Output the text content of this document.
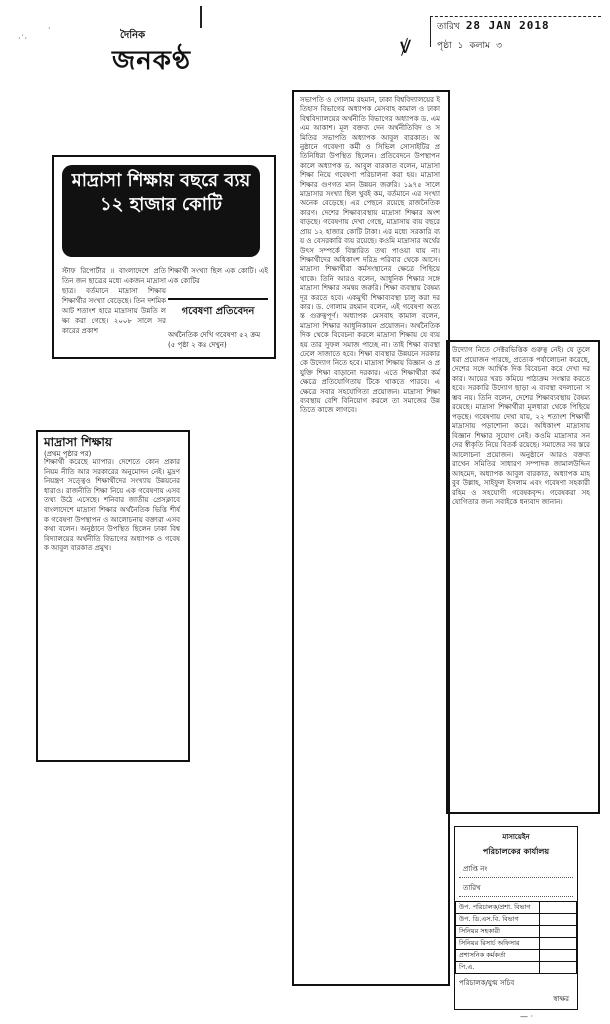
·˙·
·
দৈনিক
জনকণ্ঠ	ꝟ
তারিখ 28 JAN 2018
পৃষ্ঠা ১ কলাম ৩
মাদ্রাসা শিক্ষায় বছরে ব্যয় ১২ হাজার কোটি
স্টাফ রিপোর্টার ॥ বাংলাদেশে প্রতি তিন জন ছাত্রের মধ্যে একজন মাদ্রাসা ছাত্র। বর্তমানে মাদ্রাসা শিক্ষায় শিক্ষার্থীর সংখ্যা বেড়েছে। তিন দশমিক আট শতাংশ হারে মাদ্রাসায় উন্নতি লক্ষ্য করা গেছে। ২০০৮ সালে সরকারের প্রকাশ
শিক্ষার্থী সংখ্যা ছিল এক কোটি। এই এক কোটির
গবেষণা প্রতিবেদন
অর্থনৈতিক দেখি গবেষণা ৫২ ক্রম (৫ পৃষ্ঠা ২ কঃ দেখুন)
মাদ্রাসা শিক্ষায়
(প্রথম পৃষ্ঠার পর)
শিক্ষার্থী করেছে ম্যাপার। দেশেতে কোন প্রকার নিয়ম নীতি আর সরকারের অনুমোদন নেই। মুদ্রণ নিয়ন্ত্রণ সত্ত্বেও শিক্ষার্থীদের সংখ্যায় উন্নয়নের ধারাও। রাজনীতি শিক্ষা নিয়ে এক গবেষণায় এসব তথ্য উঠে এসেছে। শনিবার জাতীয় প্রেসক্লাবে বাংলাদেশে মাদ্রাসা শিক্ষার অর্থনৈতিক ভিত্তি শীর্ষক গবেষণা উপস্থাপন ও আলোচনায় বক্তারা এসব কথা বলেন। অনুষ্ঠানে উপস্থিত ছিলেন ঢাকা বিশ্ববিদ্যালয়ের অর্থনীতি বিভাগের অধ্যাপক ও গবেষক আবুল বারকাত প্রমুখ।
সভাপতি ও গোলাম রহমান, ঢাকা বিশ্ববিদ্যালয়ের ইতিহাস বিভাগের অধ্যাপক মেসবাহ কামাল ও ঢাকা বিশ্ববিদ্যালয়ের অর্থনীতি বিভাগের অধ্যাপক ড. এম এম আকাশ। মূল বক্তব্য দেন অর্থনীতিবিদ ও সমিতির সভাপতি অধ্যাপক আবুল বারকাত। অনুষ্ঠানে গবেষণা কর্মী ও সিভিল সোসাইটির প্রতিনিধিরা উপস্থিত ছিলেন। প্রতিবেদনে উপস্থাপনকালে অধ্যাপক ড. আবুল বারকাত বলেন, মাদ্রাসা শিক্ষা নিয়ে গবেষণা পরিচালনা করা হয়। মাদ্রাসা শিক্ষার গুণগত মান উন্নয়ন জরুরি। ১৯৭৫ সালে মাদ্রাসার সংখ্যা ছিল খুবই কম, বর্তমানে এর সংখ্যা অনেক বেড়েছে। এর পেছনে রয়েছে রাজনৈতিক কারণ। দেশের শিক্ষাব্যবস্থায় মাদ্রাসা শিক্ষার অংশ বাড়ছে। গবেষণায় দেখা গেছে, মাদ্রাসায় ব্যয় বছরে প্রায় ১২ হাজার কোটি টাকা। এর মধ্যে সরকারি ব্যয় ও বেসরকারি ব্যয় রয়েছে। কওমি মাদ্রাসার অর্থের উৎস সম্পর্কে বিস্তারিত তথ্য পাওয়া যায় না। শিক্ষার্থীদের অধিকাংশ দরিদ্র পরিবার থেকে আসে। মাদ্রাসা শিক্ষার্থীরা কর্মসংস্থানের ক্ষেত্রে পিছিয়ে থাকে। তিনি আরও বলেন, আধুনিক শিক্ষার সঙ্গে মাদ্রাসা শিক্ষার সমন্বয় জরুরি। শিক্ষা ব্যবস্থায় বৈষম্য দূর করতে হবে। একমুখী শিক্ষাব্যবস্থা চালু করা দরকার। ড. গোলাম রহমান বলেন, এই গবেষণা অত্যন্ত গুরুত্বপূর্ণ। অধ্যাপক মেসবাহ কামাল বলেন, মাদ্রাসা শিক্ষার আধুনিকায়ন প্রয়োজন। অর্থনৈতিক দিক থেকে বিবেচনা করলে মাদ্রাসা শিক্ষায় যে ব্যয় হয় তার সুফল সমাজ পাচ্ছে না। তাই শিক্ষা ব্যবস্থা ঢেলে সাজাতে হবে। শিক্ষা ব্যবস্থার উন্নয়নে সরকারকে উদ্যোগ নিতে হবে। মাদ্রাসা শিক্ষায় বিজ্ঞান ও প্রযুক্তি শিক্ষা বাড়ানো দরকার। এতে শিক্ষার্থীরা কর্মক্ষেত্রে প্রতিযোগিতায় টিকে থাকতে পারবে। এক্ষেত্রে সবার সহযোগিতা প্রয়োজন। মাদ্রাসা শিক্ষা ব্যবস্থায় বেশি বিনিয়োগ করলে তা সমাজের উন্নতিতে কাজে লাগবে।
উদ্যোগ নিতে সেক্টরভিত্তিক গুরুত্ব নেই। যে তুলে ধরা প্রয়োজন পারছে, প্রত্যেক পর্যালোচনা করেছে, দেশের সঙ্গে আর্থিক দিক বিবেচনা করে দেখা দরকার। আয়ের খরচ কমিয়ে পাঠ্যক্রম সংস্কার করতে হবে। সরকারি উদ্যোগ ছাড়া এ ব্যবস্থা বদলানো সম্ভব নয়। তিনি বলেন, দেশের শিক্ষাব্যবস্থায় বৈষম্য রয়েছে। মাদ্রাসা শিক্ষার্থীরা মূলধারা থেকে পিছিয়ে পড়ছে। গবেষণায় দেখা যায়, ২২ শতাংশ শিক্ষার্থী মাদ্রাসায় পড়াশোনা করে। অধিকাংশ মাদ্রাসায় বিজ্ঞান শিক্ষার সুযোগ নেই। কওমি মাদ্রাসার সনদের স্বীকৃতি নিয়ে বিতর্ক রয়েছে। সমাজের সব স্তরে আলোচনা প্রয়োজন। অনুষ্ঠানে আরও বক্তব্য রাখেন সমিতির সাধারণ সম্পাদক জামালউদ্দিন আহমেদ, অধ্যাপক আবুল বারকাত, অধ্যাপক মাহবুব উল্লাহ, সাইফুল ইসলাম এবং গবেষণা সহকারী রহিম ও সহযোগী গবেষকবৃন্দ। গবেষকরা সহযোগিতার জন্য সবাইকে ধন্যবাদ জানান।
মাসায়েইন
পরিচালকের কার্যালয়
প্রাপ্তি নং
তারিখ
উপ. পরিচালক/প্রশা. বিভাগ	
উপ. ডি.এস.বি. বিভাগ	
সিনিয়র সহকারী	
সিনিয়র রিসার্চ অফিসার	
প্রশাসনিক কর্মকর্তা	
পি.এ.	
পরিচালক/যুগ্ম সচিব
স্বাক্ষর
— ·
